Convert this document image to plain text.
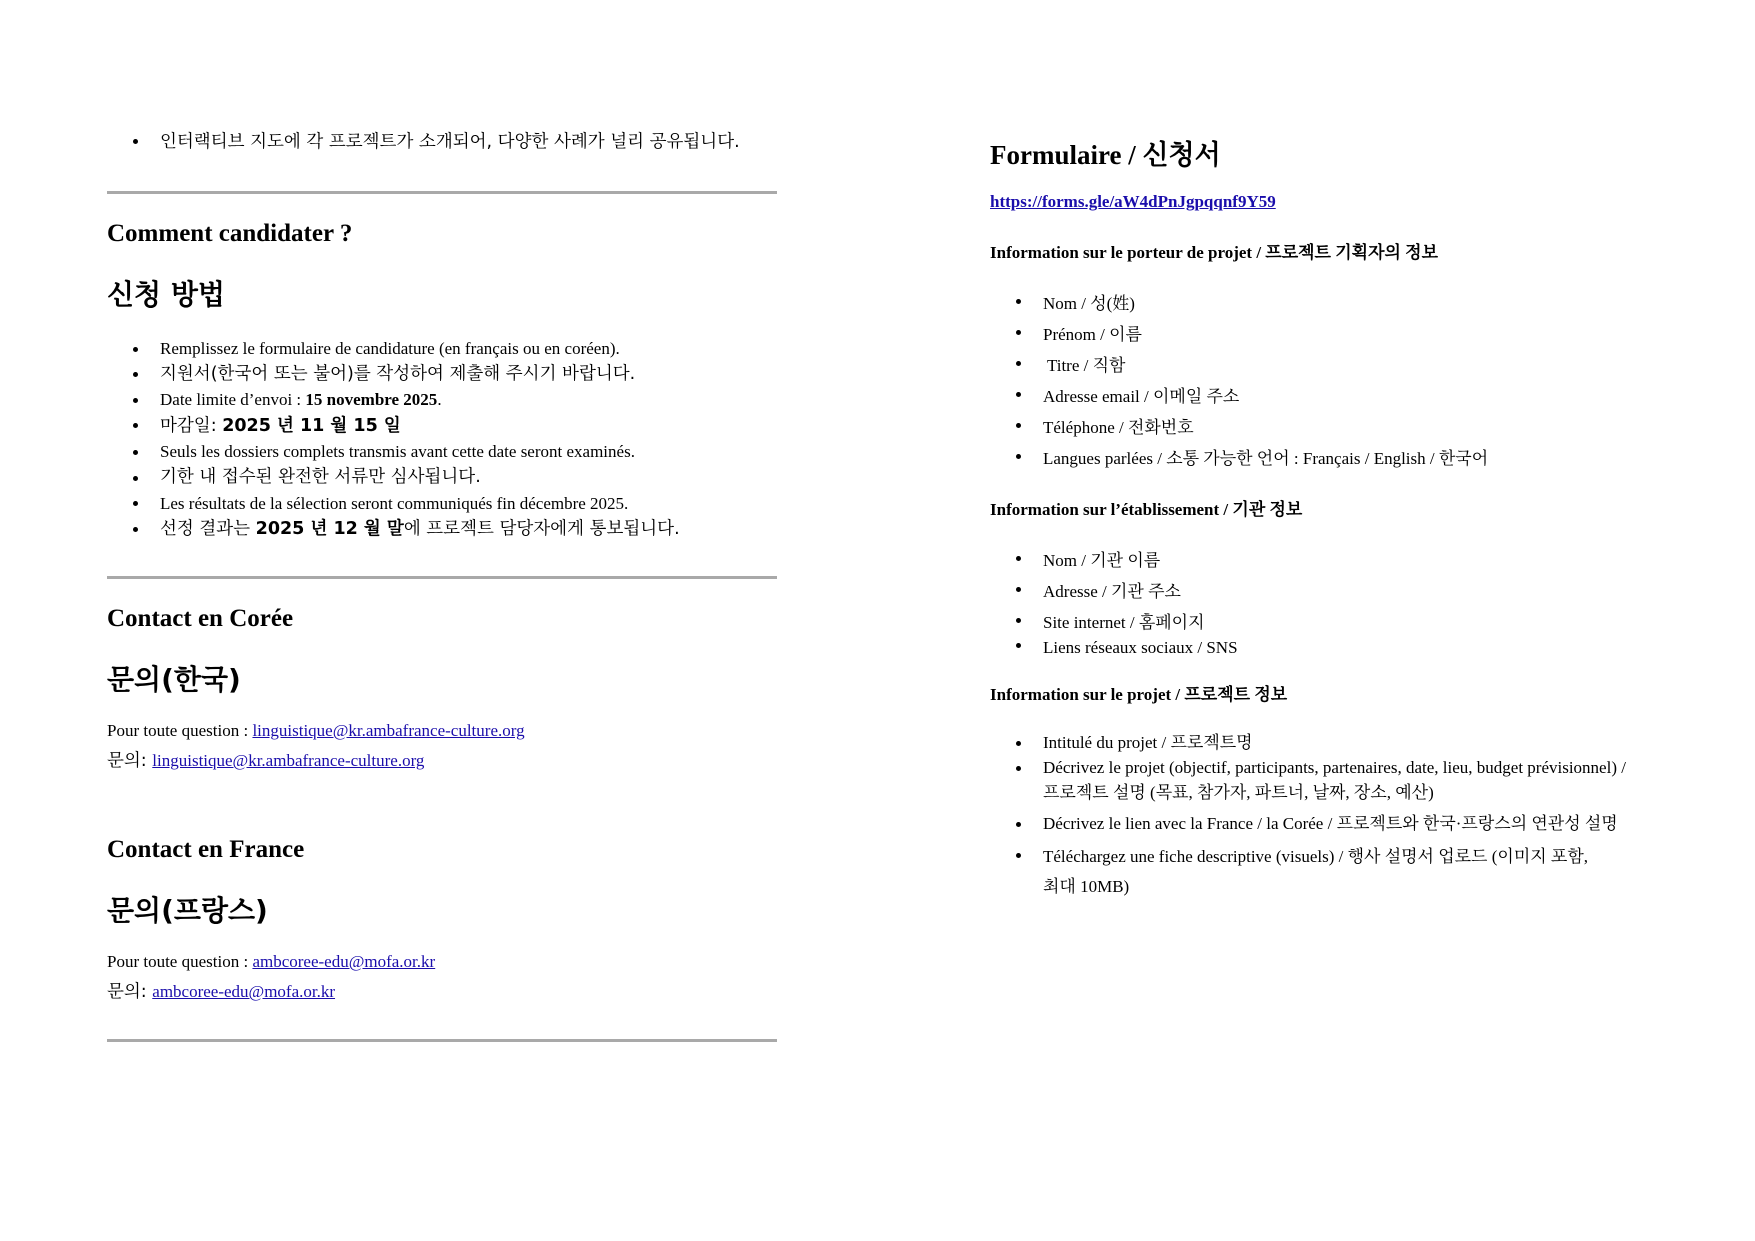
인터랙티브 지도에 각 프로젝트가 소개되어, 다양한 사례가 널리 공유됩니다.
Comment candidater ?
신청 방법
Remplissez le formulaire de candidature (en français ou en coréen).
지원서(한국어 또는 불어)를 작성하여 제출해 주시기 바랍니다.
Date limite d’envoi : 15 novembre 2025.
마감일: 2025 년 11 월 15 일
Seuls les dossiers complets transmis avant cette date seront examinés.
기한 내 접수된 완전한 서류만 심사됩니다.
Les résultats de la sélection seront communiqués fin décembre 2025.
선정 결과는 2025 년 12 월 말에 프로젝트 담당자에게 통보됩니다.
Contact en Corée
문의(한국)
Pour toute question : linguistique@kr.ambafrance-culture.org
문의: linguistique@kr.ambafrance-culture.org
Contact en France
문의(프랑스)
Pour toute question : ambcoree-edu@mofa.or.kr
문의: ambcoree-edu@mofa.or.kr
Formulaire / 신청서
https://forms.gle/aW4dPnJgpqqnf9Y59
Information sur le porteur de projet / 프로젝트 기획자의 정보
Nom / 성(姓)
Prénom / 이름
Titre / 직함
Adresse email / 이메일 주소
Téléphone / 전화번호
Langues parlées / 소통 가능한 언어 : Français / English / 한국어
Information sur l’établissement / 기관 정보
Nom / 기관 이름
Adresse / 기관 주소
Site internet / 홈페이지
Liens réseaux sociaux / SNS
Information sur le projet / 프로젝트 정보
Intitulé du projet / 프로젝트명
Décrivez le projet (objectif, participants, partenaires, date, lieu, budget prévisionnel) /
프로젝트 설명 (목표, 참가자, 파트너, 날짜, 장소, 예산)
Décrivez le lien avec la France / la Corée / 프로젝트와 한국·프랑스의 연관성 설명
Téléchargez une fiche descriptive (visuels) / 행사 설명서 업로드 (이미지 포함,
최대 10MB)
